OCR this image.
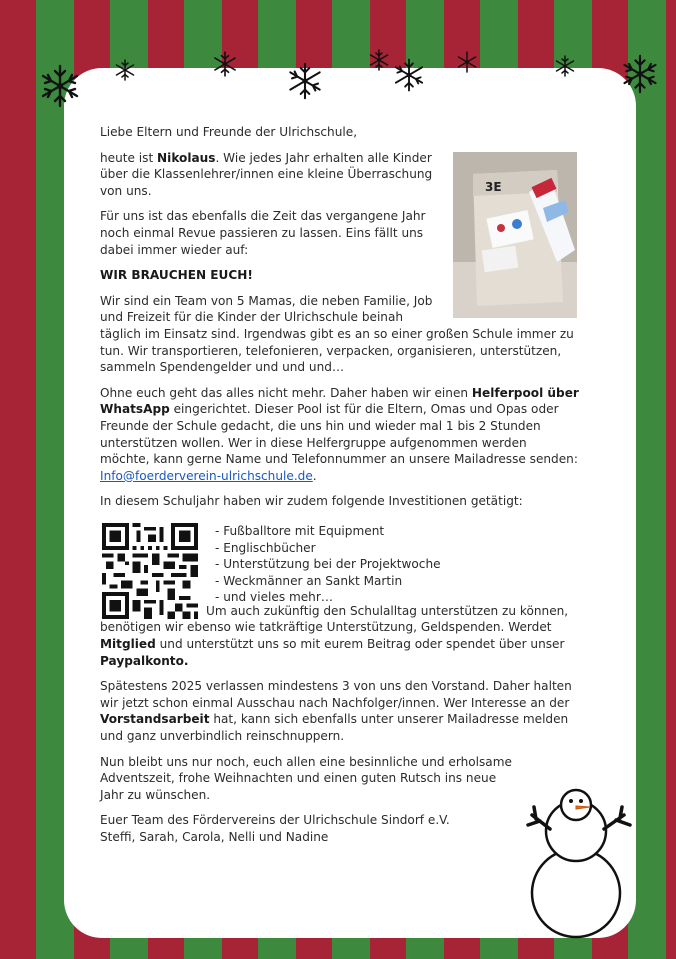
3E

Liebe Eltern und Freunde der Ulrichschule,

heute ist Nikolaus. Wie jedes Jahr erhalten alle Kinder über die Klassenlehrer/innen eine kleine Überraschung von uns.

Für uns ist das ebenfalls die Zeit das vergangene Jahr noch einmal Revue passieren zu lassen. Eins fällt uns dabei immer wieder auf:

WIR BRAUCHEN EUCH!

Wir sind ein Team von 5 Mamas, die neben Familie, Job und Freizeit für die Kinder der Ulrichschule beinah

täglich im Einsatz sind. Irgendwas gibt es an so einer großen Schule immer zu tun. Wir transportieren, telefonieren, verpacken, organisieren, unterstützen, sammeln Spendengelder und und und…

Ohne euch geht das alles nicht mehr. Daher haben wir einen Helferpool über WhatsApp eingerichtet. Dieser Pool ist für die Eltern, Omas und Opas oder Freunde der Schule gedacht, die uns hin und wieder mal 1 bis 2 Stunden unterstützen wollen. Wer in diese Helfergruppe aufgenommen werden möchte, kann gerne Name und Telefonnummer an unsere Mailadresse senden: Info@foerderverein-ulrichschule.de.

In diesem Schuljahr haben wir zudem folgende Investitionen getätigt:

Um auch zukünftig den Schulalltag unterstützen zu können, benötigen wir ebenso wie tatkräftige Unterstützung, Geldspenden. Werdet Mitglied und unterstützt uns so mit eurem Beitrag oder spendet über unser Paypalkonto.

Spätestens 2025 verlassen mindestens 3 von uns den Vorstand. Daher halten wir jetzt schon einmal Ausschau nach Nachfolger/innen. Wer Interesse an der Vorstandsarbeit hat, kann sich ebenfalls unter unserer Mailadresse melden und ganz unverbindlich reinschnuppern.

Nun bleibt uns nur noch, euch allen eine besinnliche und erholsame Adventszeit, frohe Weihnachten und einen guten Rutsch ins neue Jahr zu wünschen.

Euer Team des Fördervereins der Ulrichschule Sindorf e.V.
Steffi, Sarah, Carola, Nelli und Nadine

- Fußballtore mit Equipment
- Englischbücher
- Unterstützung bei der Projektwoche
- Weckmänner an Sankt Martin
- und vieles mehr…
